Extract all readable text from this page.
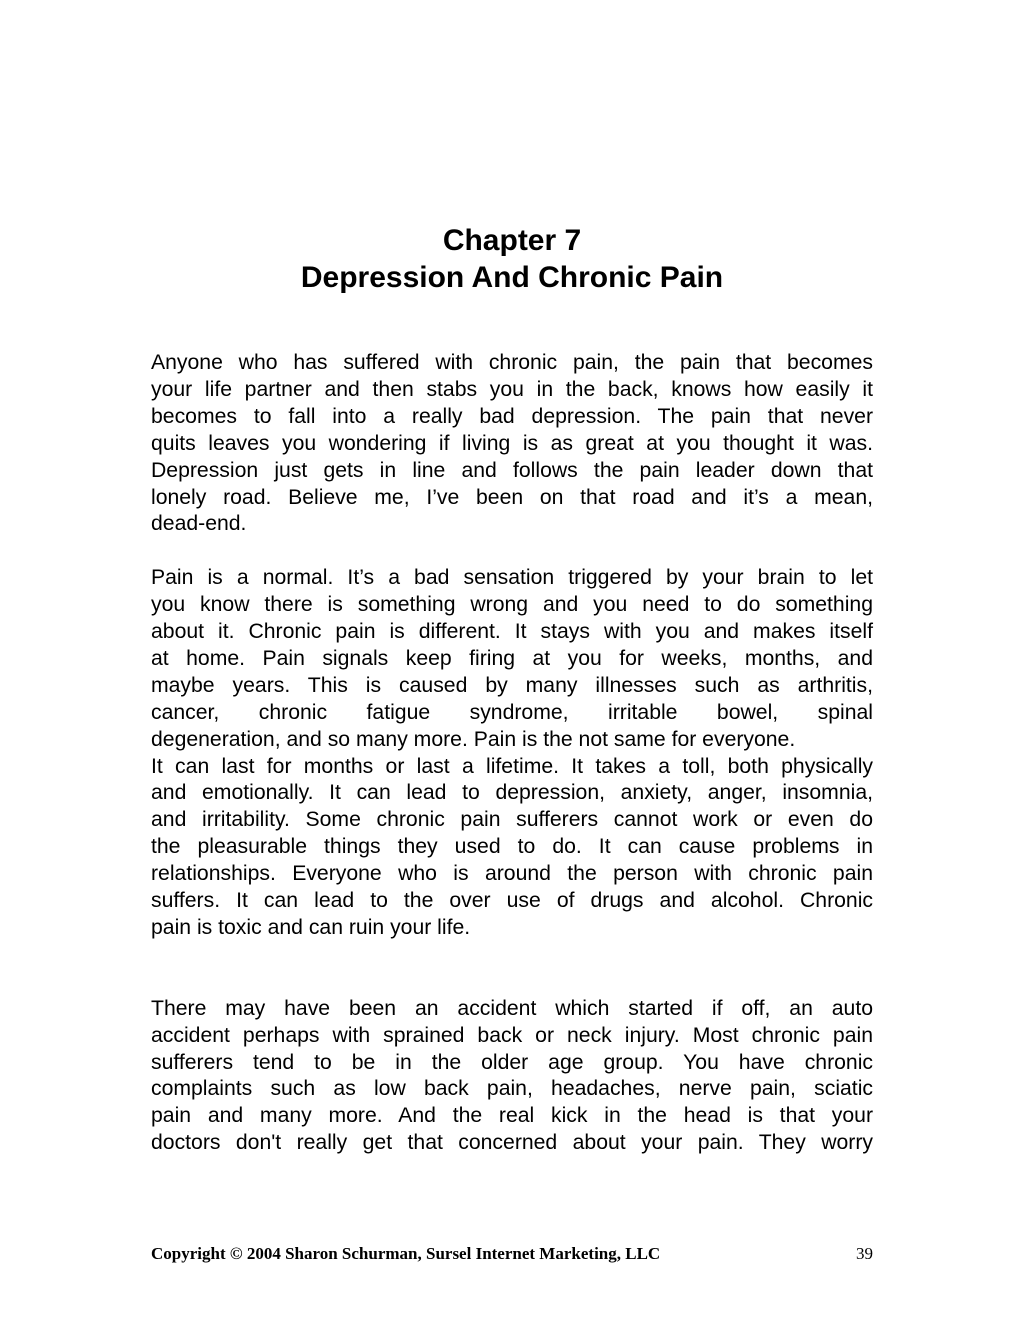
Chapter 7
Depression And Chronic Pain

Anyone who has suffered with chronic pain, the pain that becomes
your life partner and then stabs you in the back, knows how easily it
becomes to fall into a really bad depression. The pain that never
quits leaves you wondering if living is as great at you thought it was.
Depression just gets in line and follows the pain leader down that
lonely road. Believe me, I’ve been on that road and it’s a mean,
dead-end.

Pain is a normal. It’s a bad sensation triggered by your brain to let
you know there is something wrong and you need to do something
about it. Chronic pain is different. It stays with you and makes itself
at home. Pain signals keep firing at you for weeks, months, and
maybe years. This is caused by many illnesses such as arthritis,
cancer, chronic fatigue syndrome, irritable bowel, spinal
degeneration, and so many more. Pain is the not same for everyone.
It can last for months or last a lifetime. It takes a toll, both physically
and emotionally. It can lead to depression, anxiety, anger, insomnia,
and irritability. Some chronic pain sufferers cannot work or even do
the pleasurable things they used to do. It can cause problems in
relationships. Everyone who is around the person with chronic pain
suffers. It can lead to the over use of drugs and alcohol. Chronic
pain is toxic and can ruin your life.

There may have been an accident which started if off, an auto
accident perhaps with sprained back or neck injury. Most chronic pain
sufferers tend to be in the older age group. You have chronic
complaints such as low back pain, headaches, nerve pain, sciatic
pain and many more. And the real kick in the head is that your
doctors don't really get that concerned about your pain. They worry

Copyright © 2004 Sharon Schurman, Sursel Internet Marketing, LLC	39
